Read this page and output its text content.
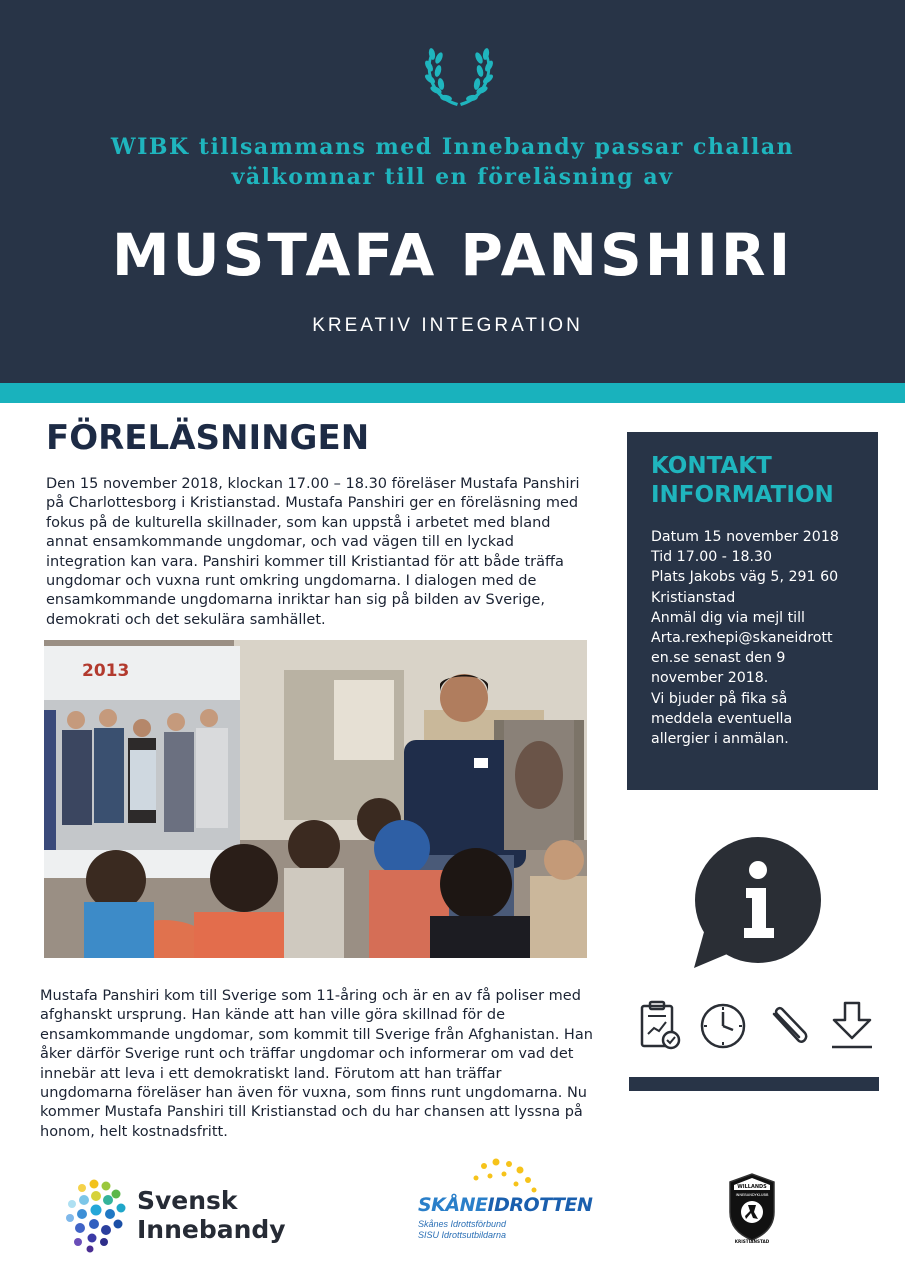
WIBK tillsammans med Innebandy passar challan
välkomnar till en föreläsning av
MUSTAFA PANSHIRI
KREATIV INTEGRATION
FÖRELÄSNINGEN

Den 15 november 2018, klockan 17.00 – 18.30 föreläser Mustafa Panshiri på Charlottesborg i Kristianstad. Mustafa Panshiri ger en föreläsning med fokus på de kulturella skillnader, som kan uppstå i arbetet med bland annat ensamkommande ungdomar, och vad vägen till en lyckad integration kan vara. Panshiri kommer till Kristiantad för att både träffa ungdomar och vuxna runt omkring ungdomarna. I dialogen med de ensamkommande ungdomarna inriktar han sig på bilden av Sverige, demokrati och det sekulära samhället.

2013

Mustafa Panshiri kom till Sverige som 11-åring och är en av få poliser med afghanskt ursprung. Han kände att han ville göra skillnad för de ensamkommande ungdomar, som kommit till Sverige från Afghanistan. Han åker därför Sverige runt och träffar ungdomar och informerar om vad det innebär att leva i ett demokratiskt land. Förutom att han träffar ungdomarna föreläser han även för vuxna, som finns runt ungdomarna. Nu kommer Mustafa Panshiri till Kristianstad och du har chansen att lyssna på honom, helt kostnadsfritt.

KONTAKT
INFORMATION
Datum 15 november 2018
Tid 17.00 - 18.30
Plats Jakobs väg 5, 291 60
Kristianstad
Anmäl dig via mejl till
Arta.rexhepi@skaneidrott
en.se senast den 9
november 2018.
Vi bjuder på fika så
meddela eventuella
allergier i anmälan.
Svensk
Innebandy
SKÅNEIDROTTEN
Skånes Idrottsförbund
SISU Idrottsutbildarna
WILLANDS
INNEBANDYKLUBB
KRISTIANSTAD
